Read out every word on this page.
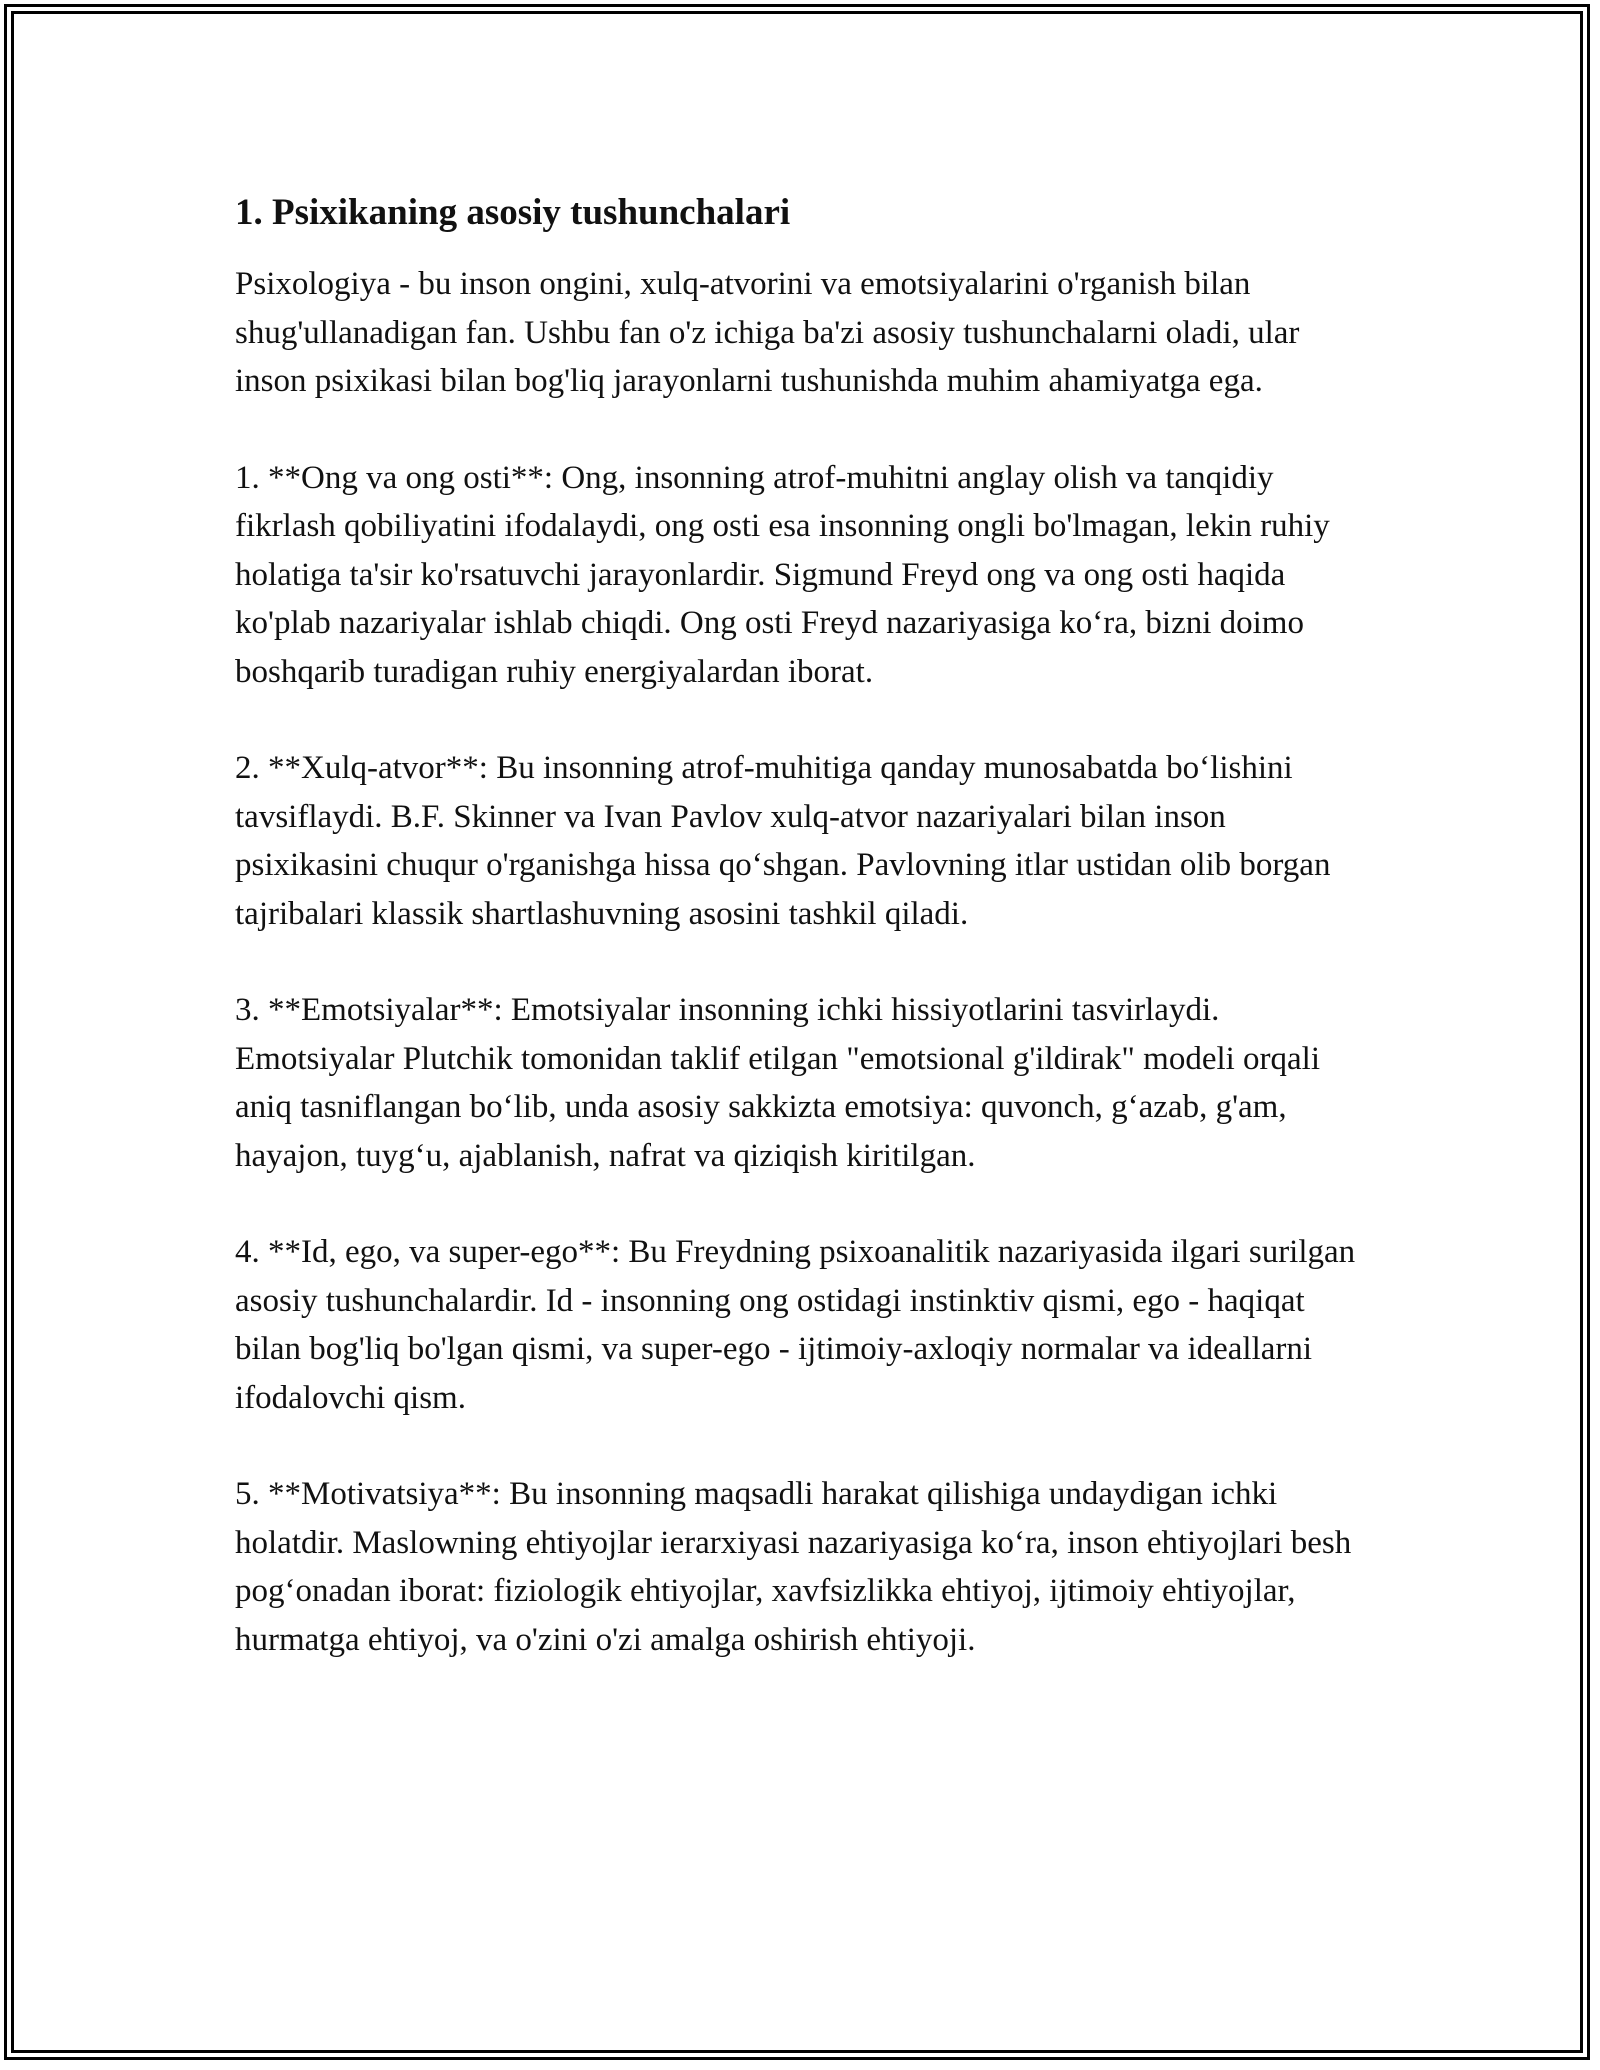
1. Psixikaning asosiy tushunchalari

Psixologiya - bu inson ongini, xulq-atvorini va emotsiyalarini o'rganish bilan shug'ullanadigan fan. Ushbu fan o'z ichiga ba'zi asosiy tushunchalarni oladi, ular inson psixikasi bilan bog'liq jarayonlarni tushunishda muhim ahamiyatga ega.

1. **Ong va ong osti**: Ong, insonning atrof-muhitni anglay olish va tanqidiy fikrlash qobiliyatini ifodalaydi, ong osti esa insonning ongli bo'lmagan, lekin ruhiy holatiga ta'sir ko'rsatuvchi jarayonlardir. Sigmund Freyd ong va ong osti haqida ko'plab nazariyalar ishlab chiqdi. Ong osti Freyd nazariyasiga ko‘ra, bizni doimo boshqarib turadigan ruhiy energiyalardan iborat.

2. **Xulq-atvor**: Bu insonning atrof-muhitiga qanday munosabatda bo‘lishini tavsiflaydi. B.F. Skinner va Ivan Pavlov xulq-atvor nazariyalari bilan inson psixikasini chuqur o'rganishga hissa qo‘shgan. Pavlovning itlar ustidan olib borgan tajribalari klassik shartlashuvning asosini tashkil qiladi.

3. **Emotsiyalar**: Emotsiyalar insonning ichki hissiyotlarini tasvirlaydi. Emotsiyalar Plutchik tomonidan taklif etilgan "emotsional g'ildirak" modeli orqali aniq tasniflangan bo‘lib, unda asosiy sakkizta emotsiya: quvonch, g‘azab, g'am, hayajon, tuyg‘u, ajablanish, nafrat va qiziqish kiritilgan.

4. **Id, ego, va super-ego**: Bu Freydning psixoanalitik nazariyasida ilgari surilgan asosiy tushunchalardir. Id - insonning ong ostidagi instinktiv qismi, ego - haqiqat bilan bog'liq bo'lgan qismi, va super-ego - ijtimoiy-axloqiy normalar va ideallarni ifodalovchi qism.

5. **Motivatsiya**: Bu insonning maqsadli harakat qilishiga undaydigan ichki holatdir. Maslowning ehtiyojlar ierarxiyasi nazariyasiga ko‘ra, inson ehtiyojlari besh pog‘onadan iborat: fiziologik ehtiyojlar, xavfsizlikka ehtiyoj, ijtimoiy ehtiyojlar, hurmatga ehtiyoj, va o'zini o'zi amalga oshirish ehtiyoji.
